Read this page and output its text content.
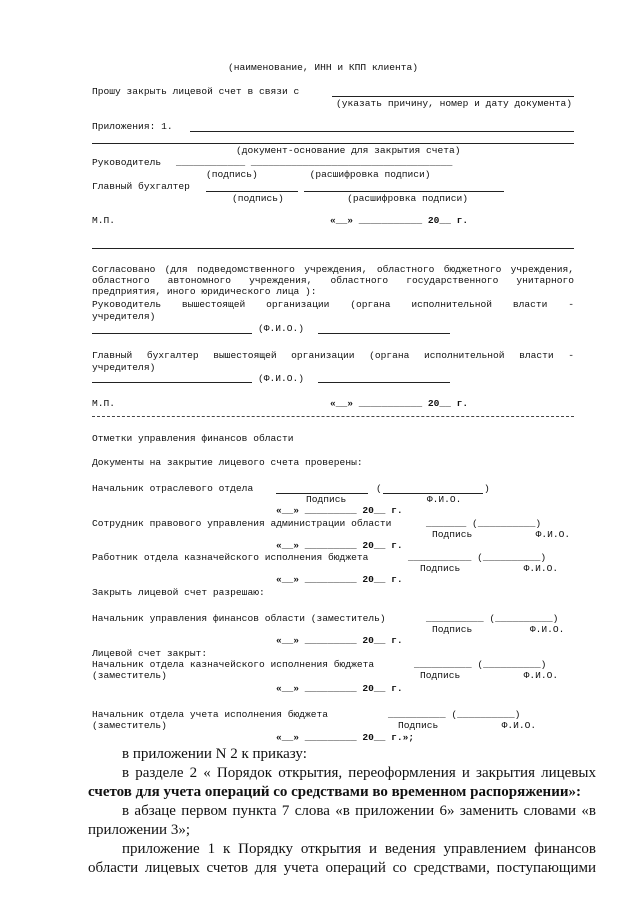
(наименование, ИНН и КПП клиента)
Прошу закрыть лицевой счет в связи с
(указать причину, номер и дату документа)
Приложения: 1.
(документ-основание для закрытия счета)
Руководитель ____________ ___________________________________
(подпись)         (расшифровка подписи)
Главный бухгалтер
(подпись)           (расшифровка подписи)
М.П.	«__» ___________ 20__ г.
Согласовано (для подведомственного учреждения, областного бюджетного учреждения, областного автономного учреждения, областного государственного унитарного предприятия, иного юридического лица ):
Руководитель вышестоящей организации (органа исполнительной власти -
учредителя)
(Ф.И.О.)
Главный бухгалтер вышестоящей организации (органа исполнительной власти -
учредителя)
(Ф.И.О.)
М.П.	«__» ___________ 20__ г.
Отметки управления финансов области
Документы на закрытие лицевого счета проверены:
Начальник отраслевого отдела	(	)
Подпись              Ф.И.О.
«__» _________ 20__ г.
Сотрудник правового управления администрации области	_______ (__________)
Подпись           Ф.И.О.
«__» _________ 20__ г.
Работник отдела казначейского исполнения бюджета	___________ (__________)
Подпись           Ф.И.О.
«__» _________ 20__ г.
Закрыть лицевой счет разрешаю:
Начальник управления финансов области (заместитель)	__________ (__________)
Подпись          Ф.И.О.
«__» _________ 20__ г.
Лицевой счет закрыт:
Начальник отдела казначейского исполнения бюджета
(заместитель)
__________ (__________)
Подпись           Ф.И.О.
«__» _________ 20__ г.
Начальник отдела учета исполнения бюджета
(заместитель)
__________ (__________)
Подпись           Ф.И.О.
«__» _________ 20__ г.»;
в приложении N 2 к приказу:
в разделе 2 « Порядок открытия, переоформления и закрытия лицевых
счетов для учета операций со средствами во временном распоряжении»:
в абзаце первом пункта 7 слова «в приложении 6» заменить словами «в
приложении 3»;
приложение 1 к Порядку открытия и ведения управлением финансов
области лицевых счетов для учета операций со средствами, поступающими
